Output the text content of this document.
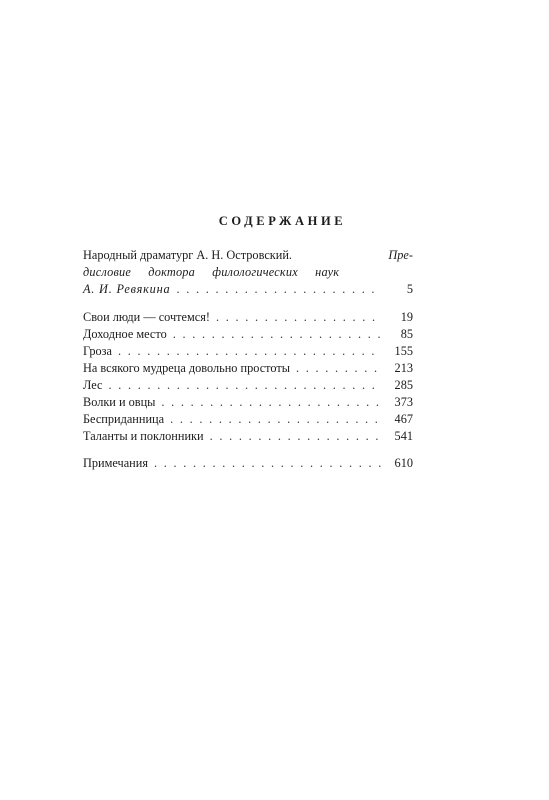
СОДЕРЖАНИЕ
Народный драматург А. Н. Островский.	Пре-
дисловие доктора филологических наук
А. И. Ревякина . . .	5
Свои люди — сочтемся! . . .	19
Доходное место . . .	85
Гроза . . .	155
На всякого мудреца довольно простоты . . .	213
Лес . . .	285
Волки и овцы . . .	373
Бесприданница . . .	467
Таланты и поклонники . . .	541
Примечания . . .	610
